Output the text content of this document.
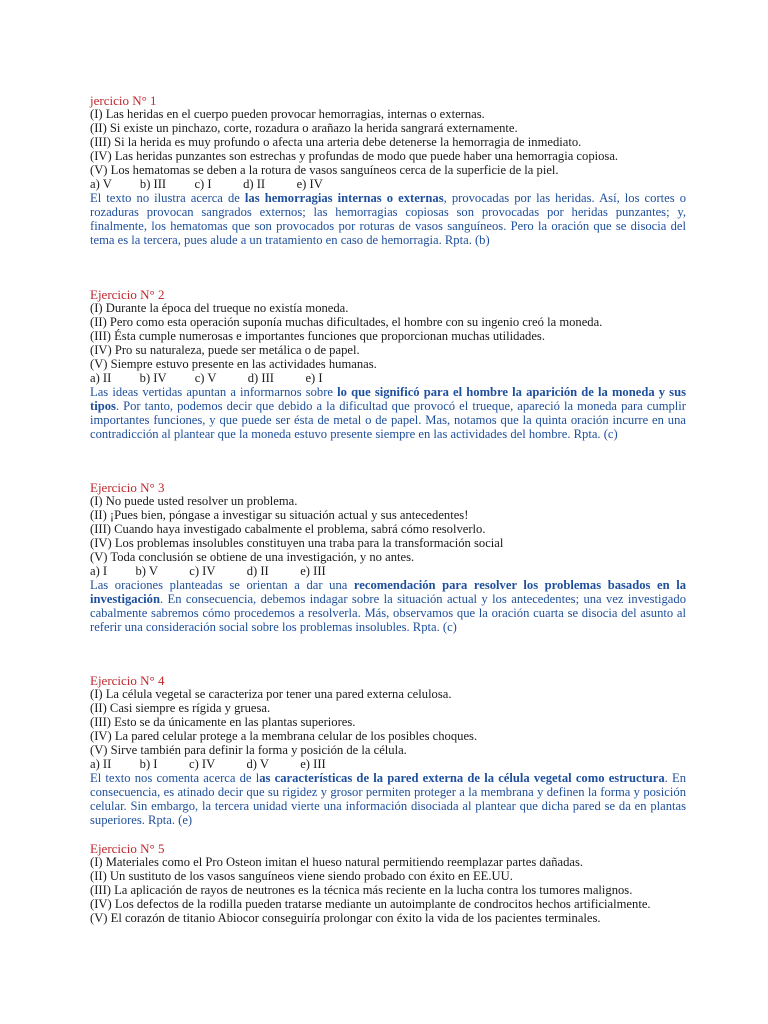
jercicio N° 1
(I) Las heridas en el cuerpo pueden provocar hemorragias, internas o externas.
(II) Si existe un pinchazo, corte, rozadura o arañazo la herida sangrará externamente.
(III) Si la herida es muy profundo o afecta una arteria debe detenerse la hemorragia de inmediato.
(IV) Las heridas punzantes son estrechas y profundas de modo que puede haber una hemorragia copiosa.
(V) Los hematomas se deben a la rotura de vasos sanguíneos cerca de la superficie de la piel.
a) V         b) III         c) I          d) II          e) IV
El texto no ilustra acerca de las hemorragias internas o externas, provocadas por las heridas. Así, los cortes o rozaduras provocan sangrados externos; las hemorragias copiosas son provocadas por heridas punzantes; y, finalmente, los hematomas que son provocados por roturas de vasos sanguíneos. Pero la oración que se disocia del tema es la tercera, pues alude a un tratamiento en caso de hemorragia. Rpta. (b)
Ejercicio N° 2
(I) Durante la época del trueque no existía moneda.
(II) Pero como esta operación suponía muchas dificultades, el hombre con su ingenio creó la moneda.
(III) Ésta cumple numerosas e importantes funciones que proporcionan muchas utilidades.
(IV) Pro su naturaleza, puede ser metálica o de papel.
(V) Siempre estuvo presente en las actividades humanas.
a) II         b) IV         c) V          d) III          e) I
Las ideas vertidas apuntan a informarnos sobre lo que significó para el hombre la aparición de la moneda y sus tipos. Por tanto, podemos decir que debido a la dificultad que provocó el trueque, apareció la moneda para cumplir importantes funciones, y que puede ser ésta de metal o de papel. Mas, notamos que la quinta oración incurre en una contradicción al plantear que la moneda estuvo presente siempre en las actividades del hombre. Rpta. (c)
Ejercicio N° 3
(I) No puede usted resolver un problema.
(II) ¡Pues bien, póngase a investigar su situación actual y sus antecedentes!
(III) Cuando haya investigado cabalmente el problema, sabrá cómo resolverlo.
(IV) Los problemas insolubles constituyen una traba para la transformación social
(V) Toda conclusión se obtiene de una investigación, y no antes.
a) I         b) V          c) IV          d) II          e) III
Las oraciones planteadas se orientan a dar una recomendación para resolver los problemas basados en la investigación. En consecuencia, debemos indagar sobre la situación actual y los antecedentes; una vez investigado cabalmente sabremos cómo procedemos a resolverla. Más, observamos que la oración cuarta se disocia del asunto al referir una consideración social sobre los problemas insolubles. Rpta. (c)
Ejercicio N° 4
(I) La célula vegetal se caracteriza por tener una pared externa celulosa.
(II) Casi siempre es rígida y gruesa.
(III) Esto se da únicamente en las plantas superiores.
(IV) La pared celular protege a la membrana celular de los posibles choques.
(V) Sirve también para definir la forma y posición de la célula.
a) II         b) I          c) IV          d) V          e) III
El texto nos comenta acerca de las características de la pared externa de la célula vegetal como estructura. En consecuencia, es atinado decir que su rigidez y grosor permiten proteger a la membrana y definen la forma y posición celular. Sin embargo, la tercera unidad vierte una información disociada al plantear que dicha pared se da en plantas superiores. Rpta. (e)
Ejercicio N° 5
(I) Materiales como el Pro Osteon imitan el hueso natural permitiendo reemplazar partes dañadas.
(II) Un sustituto de los vasos sanguíneos viene siendo probado con éxito en EE.UU.
(III) La aplicación de rayos de neutrones es la técnica más reciente en la lucha contra los tumores malignos.
(IV) Los defectos de la rodilla pueden tratarse mediante un autoimplante de condrocitos hechos artificialmente.
(V) El corazón de titanio Abiocor conseguiría prolongar con éxito la vida de los pacientes terminales.
